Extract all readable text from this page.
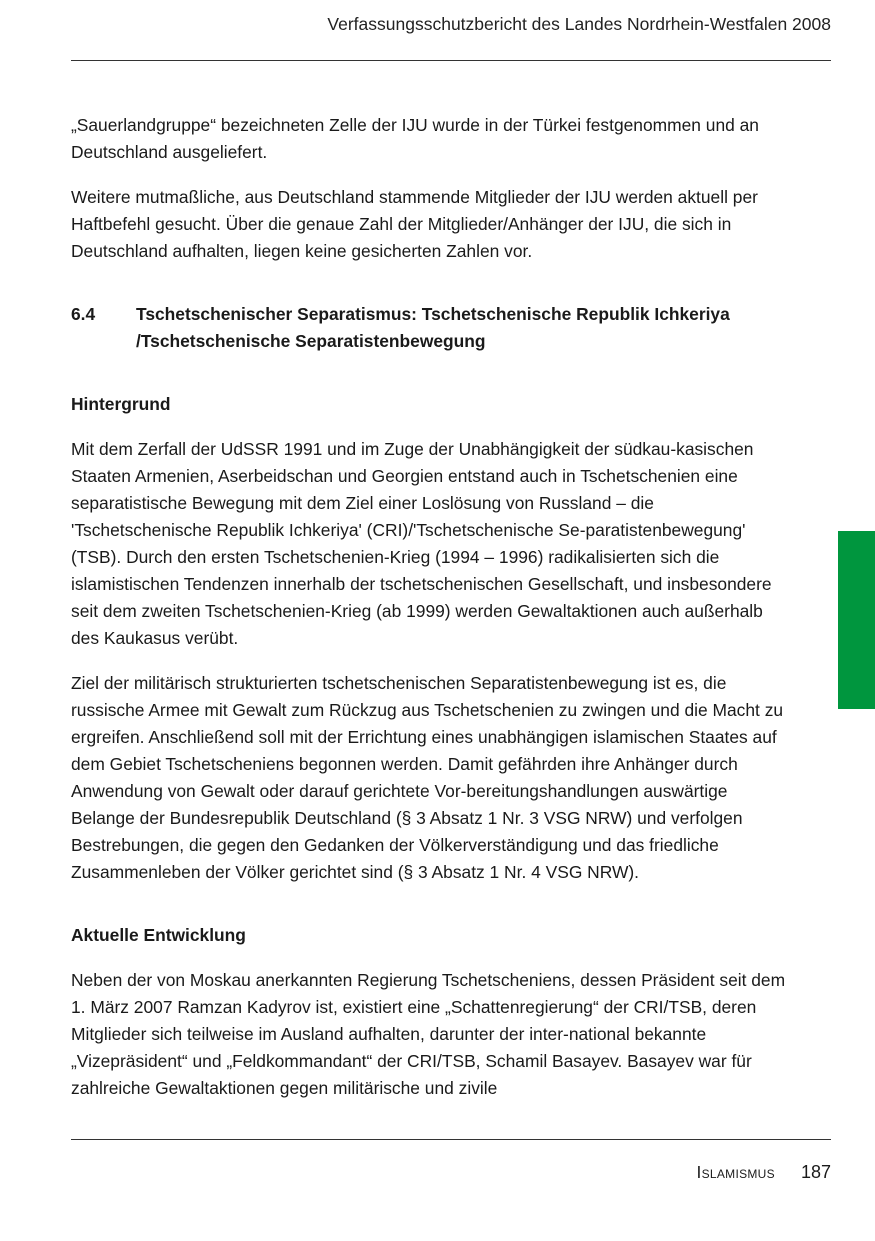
Verfassungsschutzbericht des Landes Nordrhein-Westfalen 2008

„Sauerlandgruppe“ bezeichneten Zelle der IJU wurde in der Türkei festgenommen und an Deutschland ausgeliefert.

Weitere mutmaßliche, aus Deutschland stammende Mitglieder der IJU werden aktuell per Haftbefehl gesucht. Über die genaue Zahl der Mitglieder/Anhänger der IJU, die sich in Deutschland aufhalten, liegen keine gesicherten Zahlen vor.

6.4	Tschetschenischer Separatismus: Tschetschenische Republik Ichkeriya /Tschetschenische Separatistenbewegung

Hintergrund

Mit dem Zerfall der UdSSR 1991 und im Zuge der Unabhängigkeit der südkau-kasischen Staaten Armenien, Aserbeidschan und Georgien entstand auch in Tschetschenien eine separatistische Bewegung mit dem Ziel einer Loslösung von Russland – die 'Tschetschenische Republik Ichkeriya' (CRI)/'Tschetschenische Se-paratistenbewegung' (TSB). Durch den ersten Tschetschenien-Krieg (1994 – 1996) radikalisierten sich die islamistischen Tendenzen innerhalb der tschetschenischen Gesellschaft, und insbesondere seit dem zweiten Tschetschenien-Krieg (ab 1999) werden Gewaltaktionen auch außerhalb des Kaukasus verübt.

Ziel der militärisch strukturierten tschetschenischen Separatistenbewegung ist es, die russische Armee mit Gewalt zum Rückzug aus Tschetschenien zu zwingen und die Macht zu ergreifen. Anschließend soll mit der Errichtung eines unabhängigen islamischen Staates auf dem Gebiet Tschetscheniens begonnen werden. Damit gefährden ihre Anhänger durch Anwendung von Gewalt oder darauf gerichtete Vor-bereitungshandlungen auswärtige Belange der Bundesrepublik Deutschland (§ 3 Absatz 1 Nr. 3 VSG NRW) und verfolgen Bestrebungen, die gegen den Gedanken der Völkerverständigung und das friedliche Zusammenleben der Völker gerichtet sind (§ 3 Absatz 1 Nr. 4 VSG NRW).

Aktuelle Entwicklung

Neben der von Moskau anerkannten Regierung Tschetscheniens, dessen Präsident seit dem 1. März 2007 Ramzan Kadyrov ist, existiert eine „Schattenregierung“ der CRI/TSB, deren Mitglieder sich teilweise im Ausland aufhalten, darunter der inter-national bekannte „Vizepräsident“ und „Feldkommandant“ der CRI/TSB, Schamil Basayev. Basayev war für zahlreiche Gewaltaktionen gegen militärische und zivile

Islamismus 187
